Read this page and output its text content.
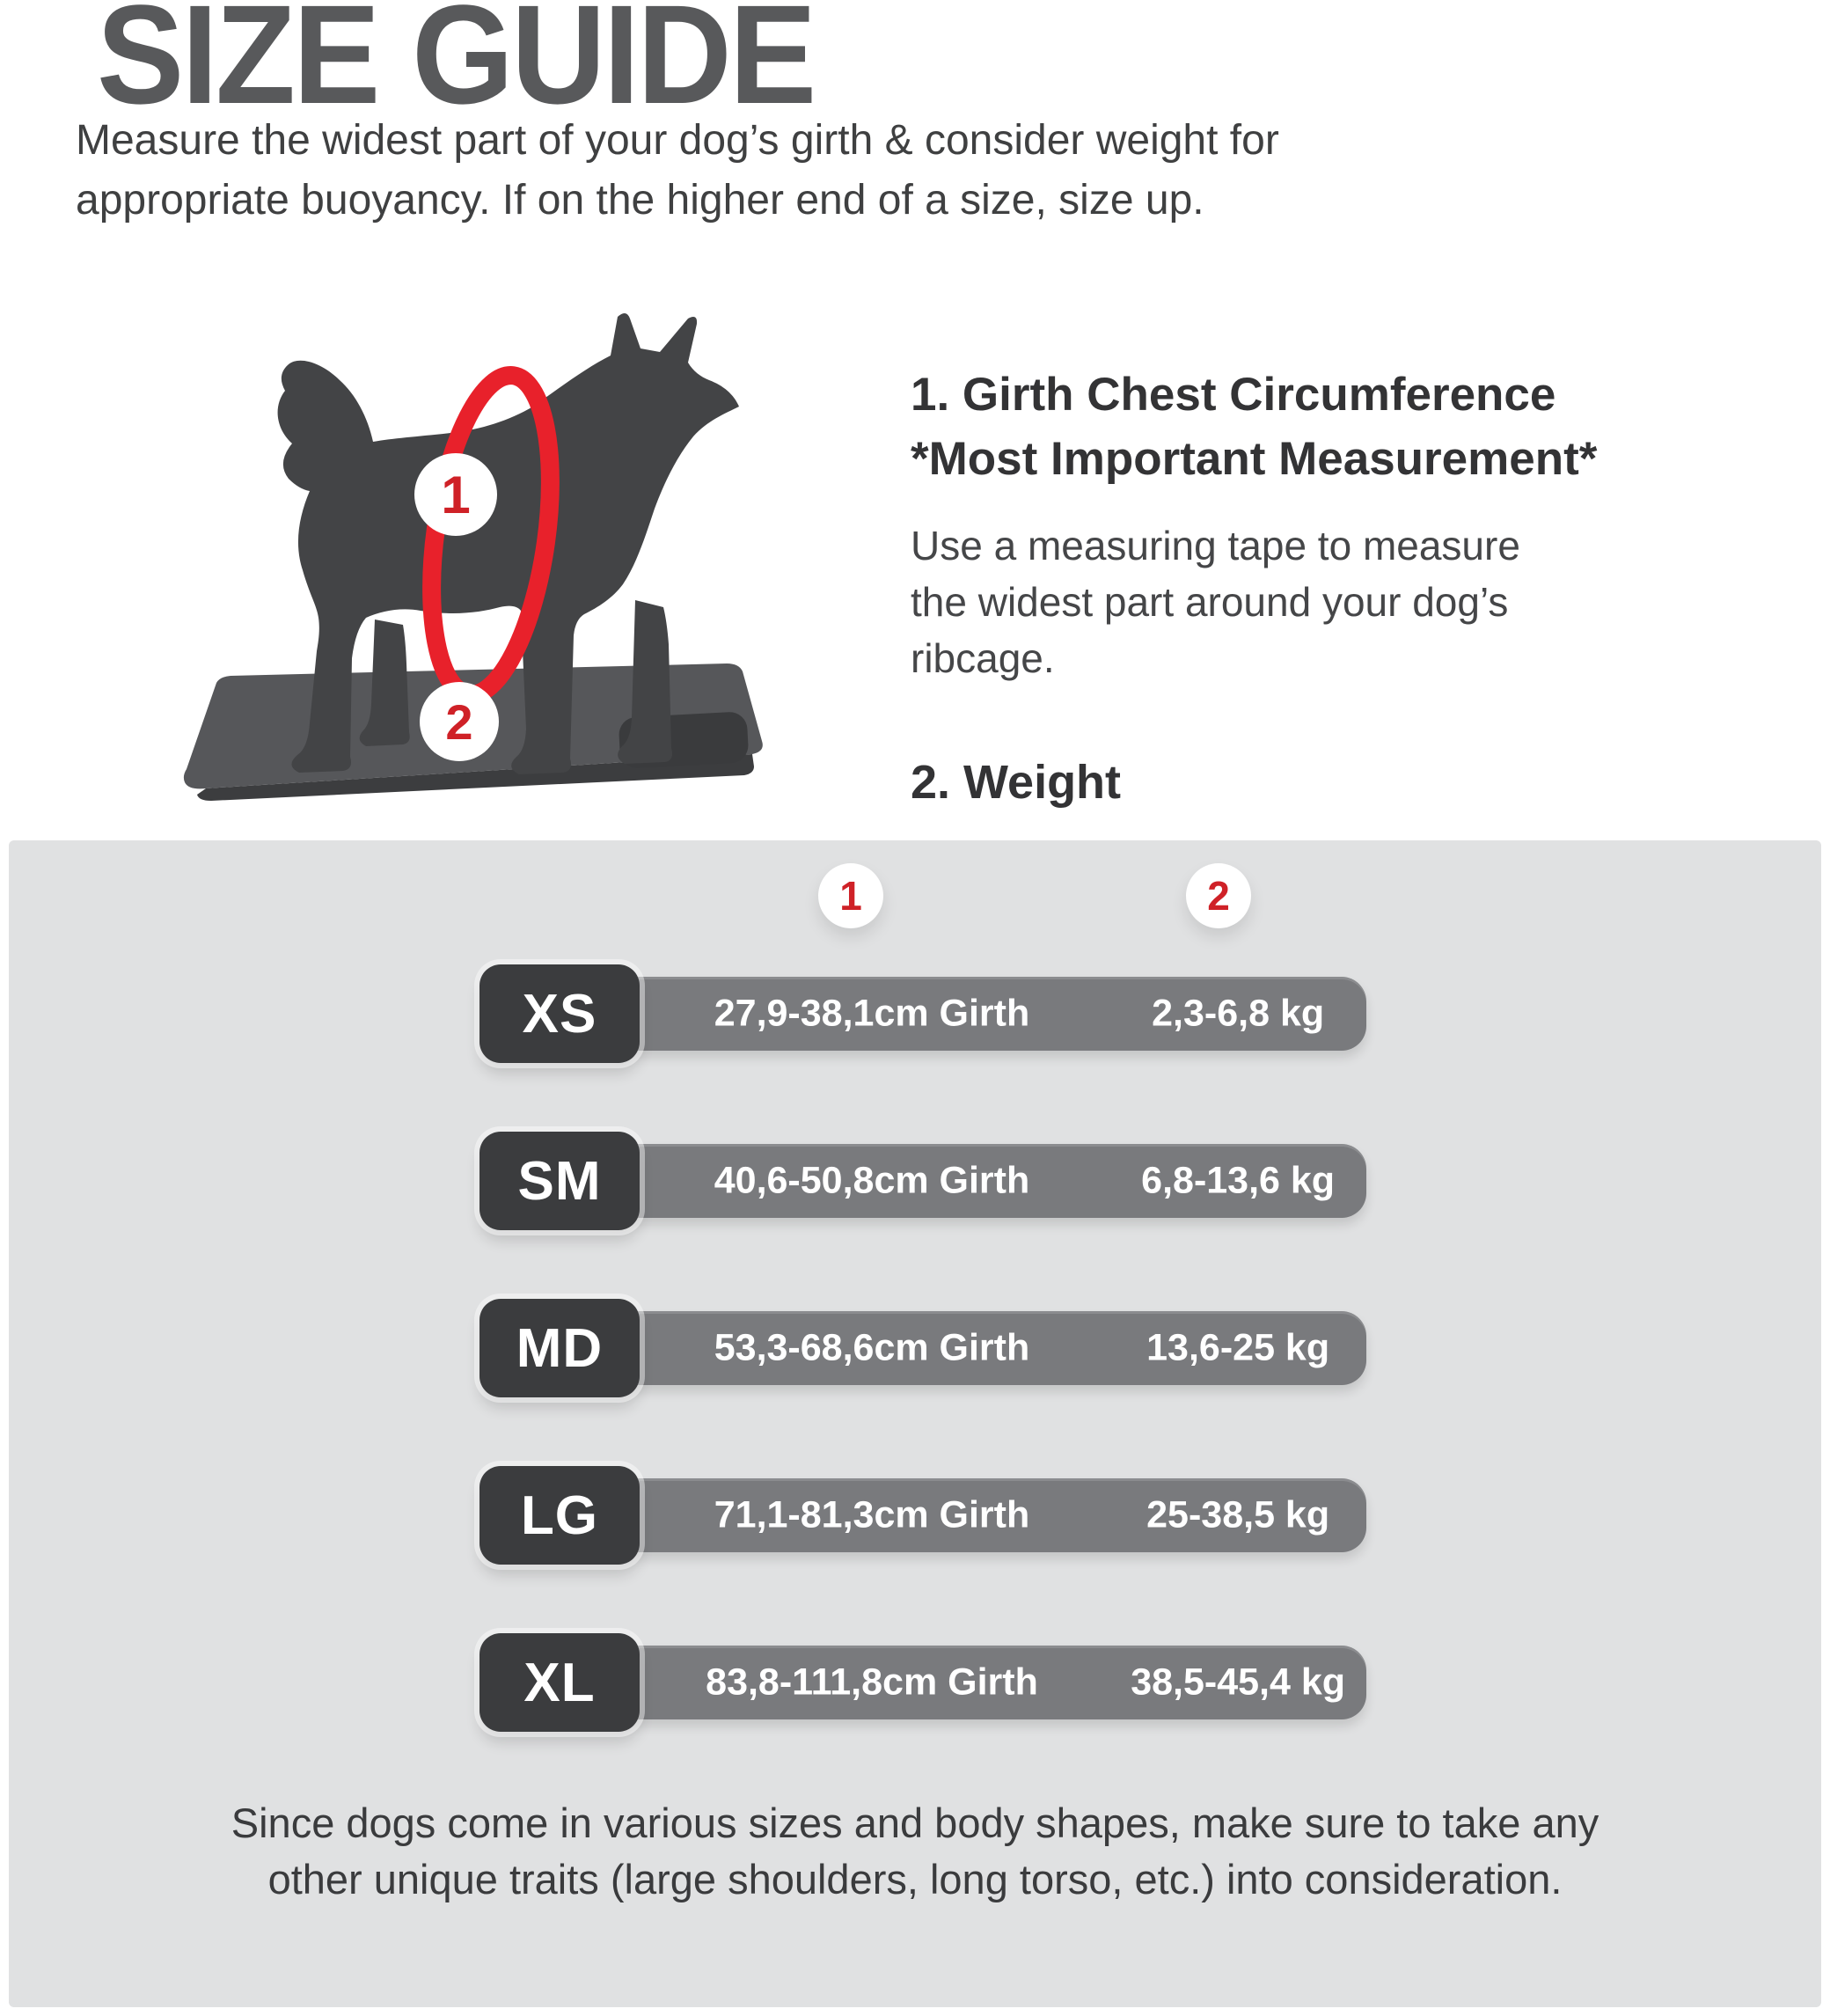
SIZE GUIDE
Measure the widest part of your dog’s girth & consider weight for
appropriate buoyancy. If on the higher end of a size, size up.
1
2
1. Girth Chest Circumference
*Most Important Measurement*
Use a measuring tape to measure
the widest part around your dog’s
ribcage.
2. Weight
1	2
27,9-38,1cm Girth	2,3-6,8 kg
XS
40,6-50,8cm Girth	6,8-13,6 kg
SM
53,3-68,6cm Girth	13,6-25 kg
MD
71,1-81,3cm Girth	25-38,5 kg
LG
83,8-111,8cm Girth 38,5-45,4 kg
XL
Since dogs come in various sizes and body shapes, make sure to take any
other unique traits (large shoulders, long torso, etc.) into consideration.
